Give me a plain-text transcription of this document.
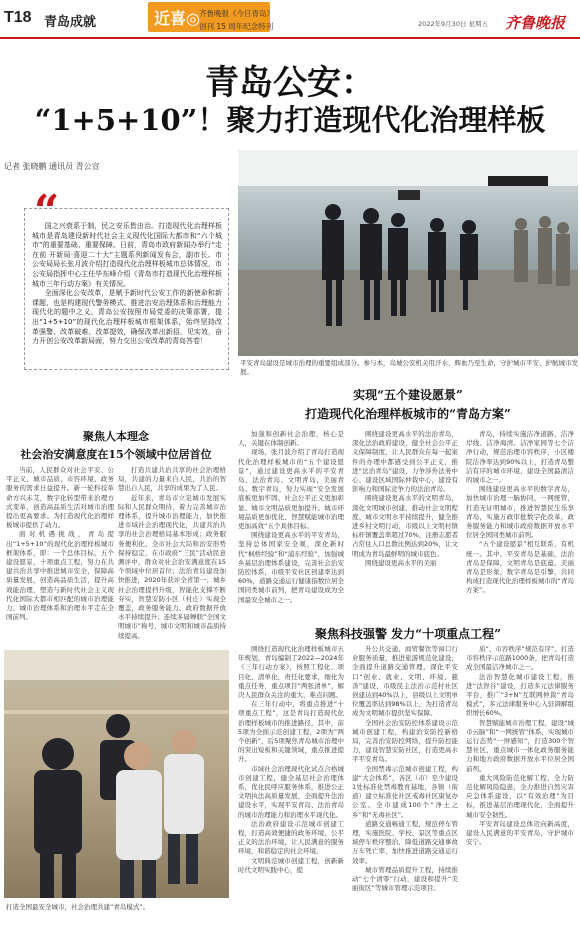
T18 青岛成就	近喜◎ 齐鲁晚报《今日青岛》
创刊 15 周年纪念特刊	2022年9月30日 星期五 齐鲁晚报
青岛公安：
“1+5+10”！聚力打造现代化治理样板
记者 张晓鹏 通讯员 青公宣
“

国之兴衰系于制，民之安乐皆由治。打造现代化治理样板城市是青岛建设新时代社会主义现代化国际大都市和“六个城市”的重要基础、重要保障。日前，青岛市政府新闻办举行“走在前 开新局·喜迎二十大”主题系列新闻发布会，副市长、市公安局局长张月波介绍打造现代化治理样板城市总体情况，市公安局指挥中心主任毕东峰介绍《青岛市打造现代化治理样板城市三年行动方案》有关情况。

全面深化公安改革，是赋予新时代公安工作的新使命和新课题，也是构建现代警务模式、推进治安治理体系和治理能力现代化的题中之义。青岛公安按照市局党委的决策部署，提出“1+5+10”的现代化治理样板城市框架体系，始终坚持改革强警、改革破难、改革提效，确保改革出新招、见实效，奋力开创公安改革新局面，努力交出公安改革的青岛答卷！

平安青岛建设是城市治理的重要组成部分。参与本，岛城公安机关用汗水、辉血乃至生命，守护城市平安、护航城市发展。
实现“五个建设愿景”
打造现代化治理样板城市的“青岛方案”
聚焦人本理念
社会治安满意度在15个领域中位居首位

当前，人民群众对社会平安、公平正义、城市品质、市容环境、政务服务的需求日益提升。新一轮科技革命方兴未艾，数字化转型带来治理方式变革，创造高品质生活对城市治理提出更高要求。为打造现代化治理样板城市提供了动力。

面对机遇挑战，青岛提出“1+5+10”的现代化治理样板城市框架体系，即：一个总体目标，五个建设愿景，十项重点工程，努力在共建共治共享中推进城市安全，保障高质量发展，创造高品质生活，提升高效能治理，塑造与新时代社会主义现代化国际大都市相匹配的城市治理能力，城市治理体系和治理水平走在全国前列。

打造共建共治共享的社会治理格局，共建的力量来自人民，共治的智慧出自人民，共享的成果为了人民。

近年来，青岛市立足城市发展实际和人民群众期待，着力完善城市治理体系，提升城市治理能力，加快推进市域社会治理现代化，共建共治共享的社会治理格局基本形成；政务服务便利化、全市社会大局和治安形势保持稳定，在市政府“三民”活动民意测评中，群众对社会治安满意度在15个领域中位居首位；法治青岛建设加快推进，2020年获评全省第一；城乡社会治理提档升级，智能化支撑不断夯实，智慧安防小区（村庄）实现全覆盖，政务服务能力、政府数据开放水平持续提升；连续多届蝉联“全国文明城市”称号，城市文明和城市品质持续提高。

加强和创新社会治理，核心是人，关键在体制创新。

现场，张月波介绍了青岛打造现代化治理样板城市的“五个建设愿景”，通过建设更高水平的平安青岛、法治青岛、文明青岛、美丽青岛、数字青岛，努力实现“安全发展底板更加牢固、社会公平正义更加彰显、城市文明品质更加提升、城市环境品质更加优化、智慧赋能城市治理更加高效”五个具体目标。

围绕建设更高水平的平安青岛，坚持总体国家安全观，深化新时代“枫桥经验”和“浦东经验”，加强城乡基层治理体系建设，完善社会治安防控体系，市级平安社区创建率达到60%，道路交通运行健康指数位居全国同类城市前列，把青岛建设成为全国最安全城市之一。

围绕建设更高水平的法治青岛，深化法治政府建设，健全社会公平正义保障制度，让人民群众在每一起案件的办理中都感受到公平正义，推进“法治青岛”建设，力争涉外法务中心、建设区域国际仲裁中心，建设有影响力和国际竞争力的法治青岛。

围绕建设更高水平的文明青岛，深化文明城市创建，推动社会文明程度、城市文明水平持续提升，健全推进乡村文明行动，市级以上文明村镇标杆镇覆盖率超过70%，注册志愿者占常住人口总数比例达到20%，让文明成为青岛最鲜明的城市底色。

围绕建设更高水平的美丽

青岛，持续实施洁净道路、洁净岸线、洁净海湾、洁净家园等七个洁净行动，规范治理市容秩序，小区楼院洁净率达到90%以上，打造青岛整洁有序的城市环境，建设全国最清洁的城市之一。

围绕建设更高水平的数字青岛，加快城市治理一脑协同、一网统管，打造无证明城市，推进智慧民生乐享青岛，实施万政审批数字化改革，政务服务能力和城市政府数据开放水平位居全国同类城市前列。

“五个建设愿景”相互联系、有机统一。其中，平安青岛是基础，法治青岛是保障，文明青岛是底蕴，美丽青岛是形象，数字青岛是引擎，共同构成打造现代化治理样板城市的“青岛方案”。

聚焦科技强警 发力“十项重点工程”
打造全国最安全城市，社会治理共建“青岛模式”。

围绕打造现代化治理样板城市五年规划，青岛编制了2022—2024年《三年行动方案》，按照工程化、项目化、清单化，责任化要求，细化为重点任务，重点项目“两张清单”，解决人民群众关注的重大、难点问题。

在三年行动中，将重点推进“十项重点工程”，这是青岛打造现代化治理样板城市的推进路径，其中，前5项为全面示范创建工程，2项为“两个创新”，后5项聚焦青岛城市治理中的突出短板和关键领域，重点推进提升。

市域社会治理现代化试点合格城市创建工程，健全基层社会治理体系，优化民呼应服务体系，推进公正文明执法高质量发展，全面提升法治建设水平，实现平安青岛、法治青岛的城市治理能力和治理水平现代化。

法治政府建设示范城市创建工程，打造高效便捷的政务环境，公平正义的法治环境，让人民满意的服务环境，和谐稳定的社会环境。

文明典范城市创建工程，创新新时代文明实践中心，提

升公共交通、商贸餐饮等窗口行业服务质量，推进旅游规范化建设，全面提升道路交通管理，深化平安口“创业、就业、文明、环境、慈善”建设，市级民主法治示范村社区创建达到40%以上，县级以上文明单位覆盖率达到98%以上，为打造青岛成为文明城市提供坚实保障。

全国社会治安防控体系建设示范城市创建工程，构建治安防控新格局，完善治安防控网络，提升防控能力，建设智慧安防社区，打造更高水平平安青岛。

全国禁毒示范城市创建工程，构建“大会体系”，各区（市）至少建设1处标准化禁毒教育基地，各镇（街道）建立标准化社区戒毒社区康复办公室。全市建成100个“净土之乡”和“无毒社区”。

道路交通畅通工程，规范停车管理，实施医院、学校、景区等重点区域停车秩序整治，降低道路交通事故万车死亡率，加快推进道路交通运行效率。

城市管理品质提升工程，持续推动“七个清零”行动，建设和提升“美丽街区”等城市管理示范项目。

质”、市容秩序“规范有序”、打造市容秩序示范路1000条，把青岛打造成全国最洁净城市之一。

法治智慧化城市建设工程，推进“法智谷”建设，打造多元法律服务平台，推广“3+N”互联网仲裁“青岛模式”，多元法律服务中心入驻调解组织增长60%。

智慧赋能城市治理工程，建设“城市云脑”和“一网统管”体系，实现城市运行态势“一屏感知”，打造300个智慧社区，重点城市一体化政务服务能力和地方政府数据开放水平位居全国前列。

重大风险防范化解工程，全力防范化解风险隐患，全力推进自然灾害应急体系建设，以“有效治理”为目标，推进基层治理现代化，全面提升城市安全韧性。

平安青岛建设总体迈向新高度，建设人民满意的平安青岛，守护城市安宁。
